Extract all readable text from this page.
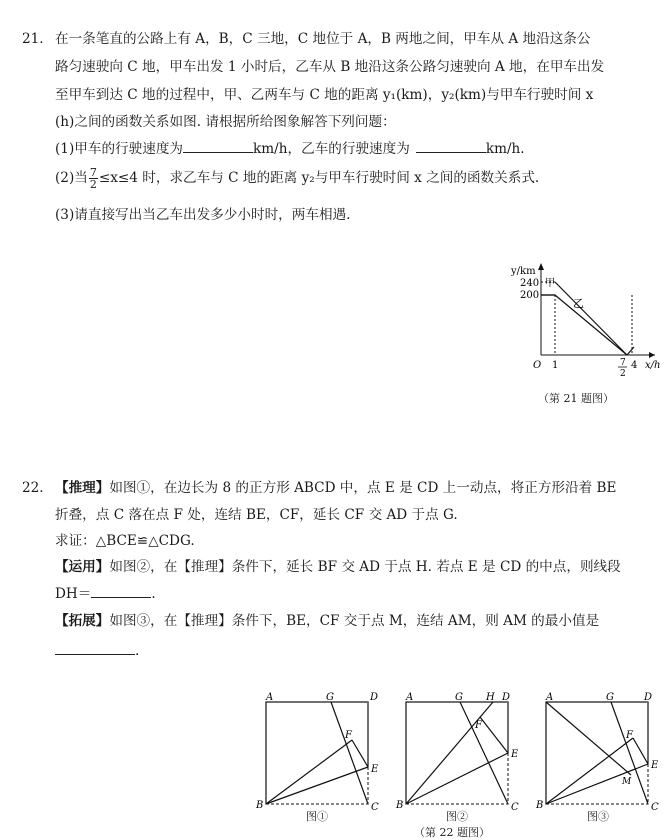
21. 在一条笔直的公路上有 A，B，C 三地，C 地位于 A，B 两地之间，甲车从 A 地沿这条公
路匀速驶向 C 地，甲车出发 1 小时后，乙车从 B 地沿这条公路匀速驶向 A 地，在甲车出发
至甲车到达 C 地的过程中，甲、乙两车与 C 地的距离 y₁(km)，y₂(km)与甲车行驶时间 x
(h)之间的函数关系如图. 请根据所给图象解答下列问题：
(1)甲车的行驶速度为	km/h，乙车的行驶速度为	km/h.
(2)当 $\frac{7}{2} \le x\le 4$ 时，求乙车与 C 地的距离 y₂与甲车行驶时间 x 之间的函数关系式.
(3)请直接写出当乙车出发多少小时时，两车相遇.
y/km
240
200
甲
乙
O 1	7
2
4 x/h
（第 21 题图）
22. 【推理】如图①，在边长为 8 的正方形 ABCD 中，点 E 是 CD 上一动点，将正方形沿着 BE
折叠，点 C 落在点 F 处，连结 BE，CF，延长 CF 交 AD 于点 G.
求证：△BCE≌△CDG.
【运用】如图②，在【推理】条件下，延长 BF 交 AD 于点 H. 若点 E 是 CD 的中点，则线段
DH＝	.
【拓展】如图③，在【推理】条件下，BE，CF 交于点 M，连结 AM，则 AM 的最小值是
.
A	G	D
F
E
B	C
图①
A	G H D
F
E
B	C
图②
A	G	D
F
E
M
B	C
图③
（第 22 题图）
